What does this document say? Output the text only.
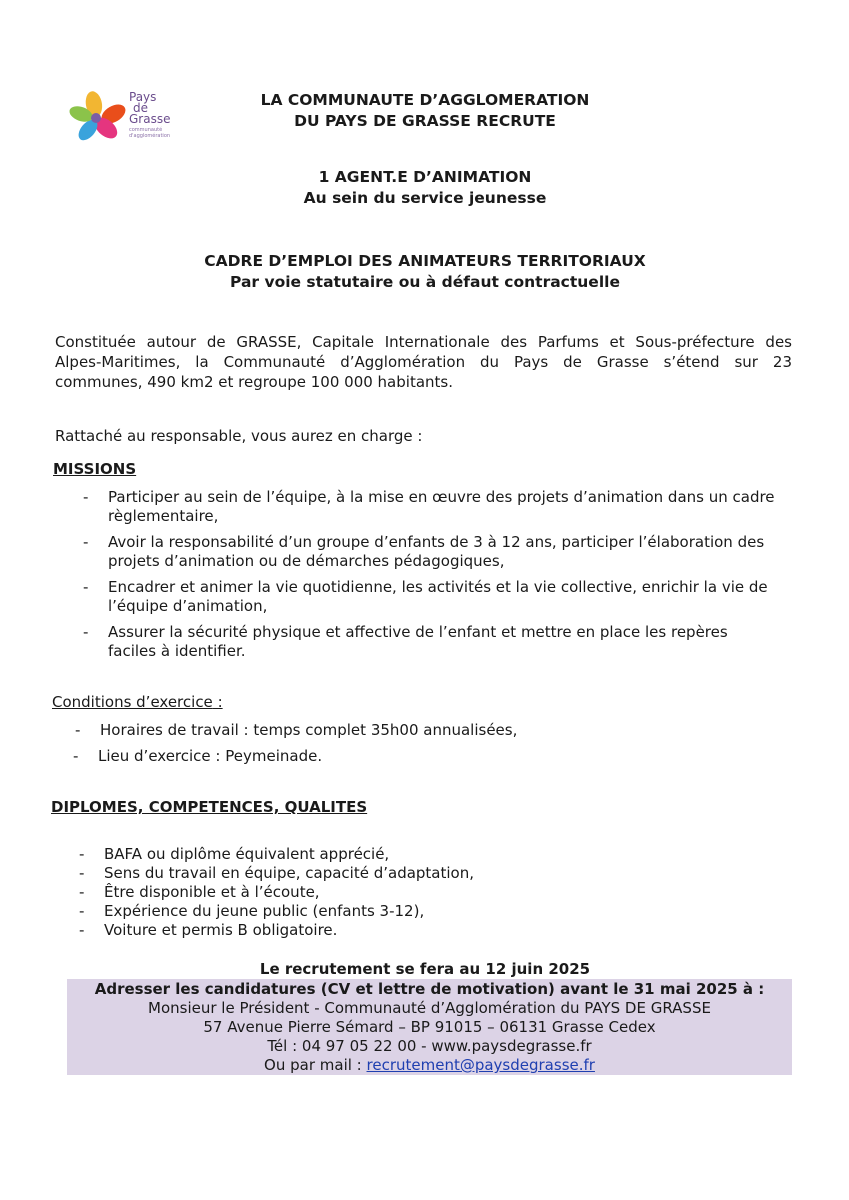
Pays
de
Grasse
communauté d'agglomération
LA COMMUNAUTE D’AGGLOMERATION
DU PAYS DE GRASSE RECRUTE
1 AGENT.E D’ANIMATION
Au sein du service jeunesse
CADRE D’EMPLOI DES ANIMATEURS TERRITORIAUX
Par voie statutaire ou à défaut contractuelle
Constituée autour de GRASSE, Capitale Internationale des Parfums et Sous-préfecture des
Alpes-Maritimes, la Communauté d’Agglomération du Pays de Grasse s’étend sur 23
communes, 490 km2 et regroupe 100 000 habitants.
Rattaché au responsable, vous aurez en charge :
MISSIONS
- Participer au sein de l’équipe, à la mise en œuvre des projets d’animation dans un cadre règlementaire,
- Avoir la responsabilité d’un groupe d’enfants de 3 à 12 ans, participer l’élaboration des projets d’animation ou de démarches pédagogiques,
- Encadrer et animer la vie quotidienne, les activités et la vie collective, enrichir la vie de l’équipe d’animation,
- Assurer la sécurité physique et affective de l’enfant et mettre en place les repères faciles à identifier.
Conditions d’exercice :
- Horaires de travail : temps complet 35h00 annualisées,
- Lieu d’exercice : Peymeinade.
DIPLOMES, COMPETENCES, QUALITES
- BAFA ou diplôme équivalent apprécié,
- Sens du travail en équipe, capacité d’adaptation,
- Être disponible et à l’écoute,
- Expérience du jeune public (enfants 3-12),
- Voiture et permis B obligatoire.
Le recrutement se fera au 12 juin 2025
Adresser les candidatures (CV et lettre de motivation) avant le 31 mai 2025 à :
Monsieur le Président - Communauté d’Agglomération du PAYS DE GRASSE
57 Avenue Pierre Sémard – BP 91015 – 06131 Grasse Cedex
Tél : 04 97 05 22 00 - www.paysdegrasse.fr
Ou par mail : recrutement@paysdegrasse.fr
